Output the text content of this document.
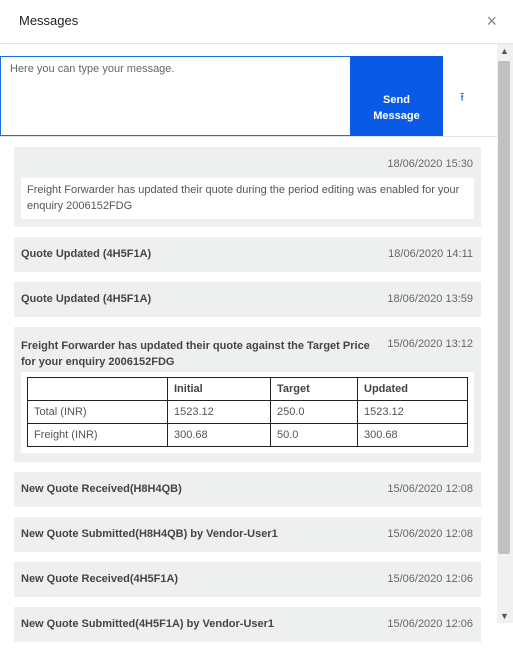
Messages	×
Here you can type your message.
Send
Message
⭱
18/06/2020 15:30
Freight Forwarder has updated their quote during the period editing was enabled for your enquiry 2006152FDG
Quote Updated (4H5F1A)	18/06/2020 14:11
Quote Updated (4H5F1A)	18/06/2020 13:59
Freight Forwarder has updated their quote against the Target Price for your enquiry 2006152FDG
15/06/2020 13:12
	Initial	Target	Updated
Total (INR)	1523.12	250.0	1523.12
Freight (INR)	300.68	50.0	300.68
New Quote Received(H8H4QB)	15/06/2020 12:08
New Quote Submitted(H8H4QB) by Vendor-User1	15/06/2020 12:08
New Quote Received(4H5F1A)	15/06/2020 12:06
New Quote Submitted(4H5F1A) by Vendor-User1	15/06/2020 12:06
▲
▼
